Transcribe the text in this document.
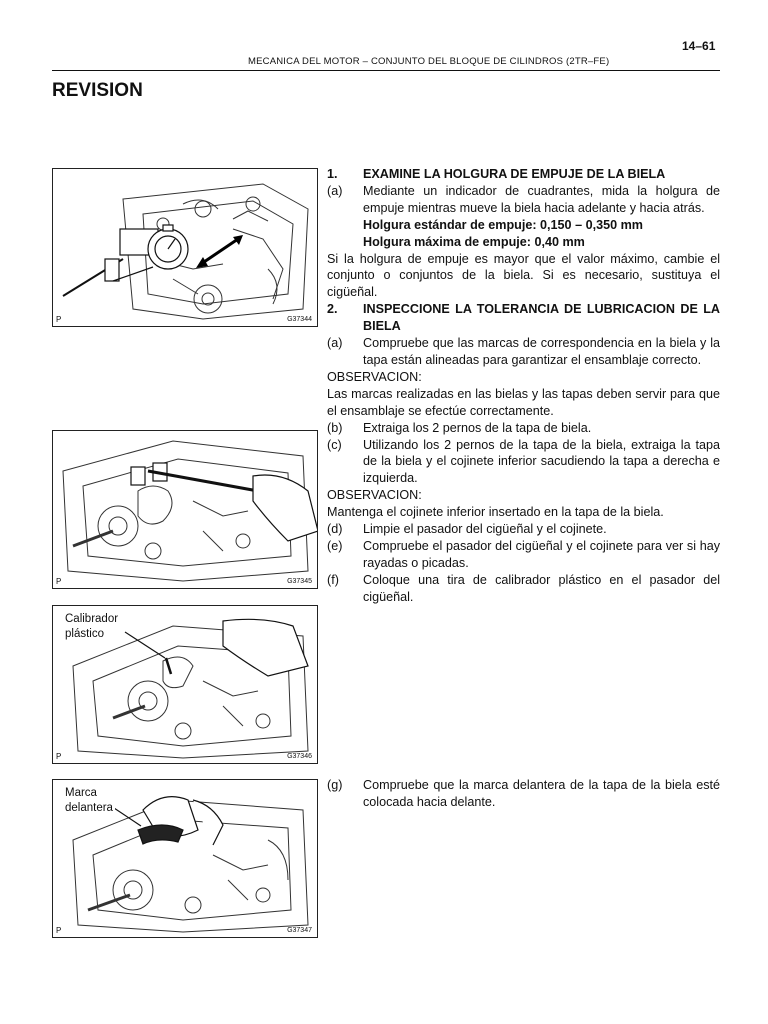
14–61
MECANICA DEL MOTOR – CONJUNTO DEL BLOQUE DE CILINDROS (2TR–FE)
REVISION
P	G37344
P	G37345
Calibrador
plástico
P	G37346
Marca
delantera
P	G37347
1.	EXAMINE LA HOLGURA DE EMPUJE DE LA BIELA
(a)	Mediante un indicador de cuadrantes, mida la holgura de empuje mientras mueve la biela hacia adelante y hacia atrás.
Holgura estándar de empuje: 0,150 – 0,350 mm
Holgura máxima de empuje: 0,40 mm
Si la holgura de empuje es mayor que el valor máximo, cambie el conjunto o conjuntos de la biela. Si es necesario, sustituya el cigüeñal.
2.	INSPECCIONE LA TOLERANCIA DE LUBRICACION DE LA BIELA
(a)	Compruebe que las marcas de correspondencia en la biela y la tapa están alineadas para garantizar el ensamblaje correcto.
OBSERVACION:
Las marcas realizadas en las bielas y las tapas deben servir para que el ensamblaje se efectúe correctamente.
(b)	Extraiga los 2 pernos de la tapa de biela.
(c)	Utilizando los 2 pernos de la tapa de la biela, extraiga la tapa de la biela y el cojinete inferior sacudiendo la tapa a derecha e izquierda.
OBSERVACION:
Mantenga el cojinete inferior insertado en la tapa de la biela.
(d)	Limpie el pasador del cigüeñal y el cojinete.
(e)	Compruebe el pasador del cigüeñal y el cojinete para ver si hay rayadas o picadas.
(f)	Coloque una tira de calibrador plástico en el pasador del cigüeñal.
(g)	Compruebe que la marca delantera de la tapa de la biela esté colocada hacia delante.
